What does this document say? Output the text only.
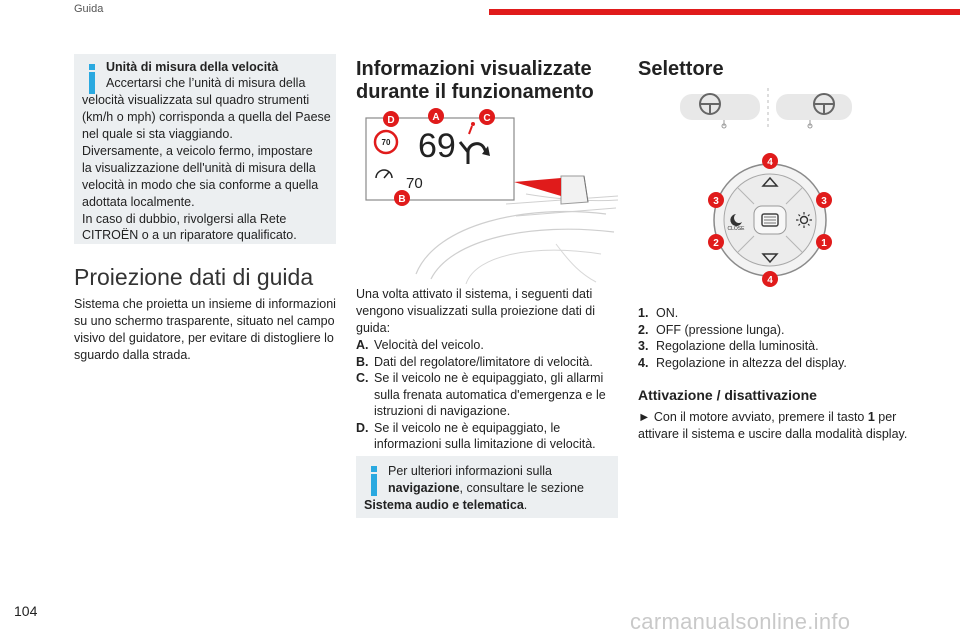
Guida
Unità di misura della velocità
Accertarsi che l’unità di misura della
velocità visualizzata sul quadro strumenti
(km/h o mph) corrisponda a quella del Paese
nel quale si sta viaggiando.
Diversamente, a veicolo fermo, impostare
la visualizzazione dell'unità di misura della
velocità in modo che sia conforme a quella
adottata localmente.
In caso di dubbio, rivolgersi alla Rete
CITROËN o a un riparatore qualificato.
Proiezione dati di guida
Sistema che proietta un insieme di informazioni
su uno schermo trasparente, situato nel campo
visivo del guidatore, per evitare di distogliere lo
sguardo dalla strada.
Informazioni visualizzate
durante il funzionamento
70 69
70
D	A	C
B
Una volta attivato il sistema, i seguenti dati
vengono visualizzati sulla proiezione dati di
guida:
A. Velocità del veicolo.
B. Dati del regolatore/limitatore di velocità.
C. Se il veicolo ne è equipaggiato, gli allarmi
sulla frenata automatica d'emergenza e le
istruzioni di navigazione.
D. Se il veicolo ne è equipaggiato, le
informazioni sulla limitazione di velocità.
Per ulteriori informazioni sulla
navigazione, consultare le sezione
Sistema audio e telematica.
Selettore
CLOSE
4
4
3	3
2	1
1. ON.
2. OFF (pressione lunga).
3. Regolazione della luminosità.
4. Regolazione in altezza del display.
Attivazione / disattivazione
► Con il motore avviato, premere il tasto 1 per
attivare il sistema e uscire dalla modalità display.
104	carmanualsonline.info
